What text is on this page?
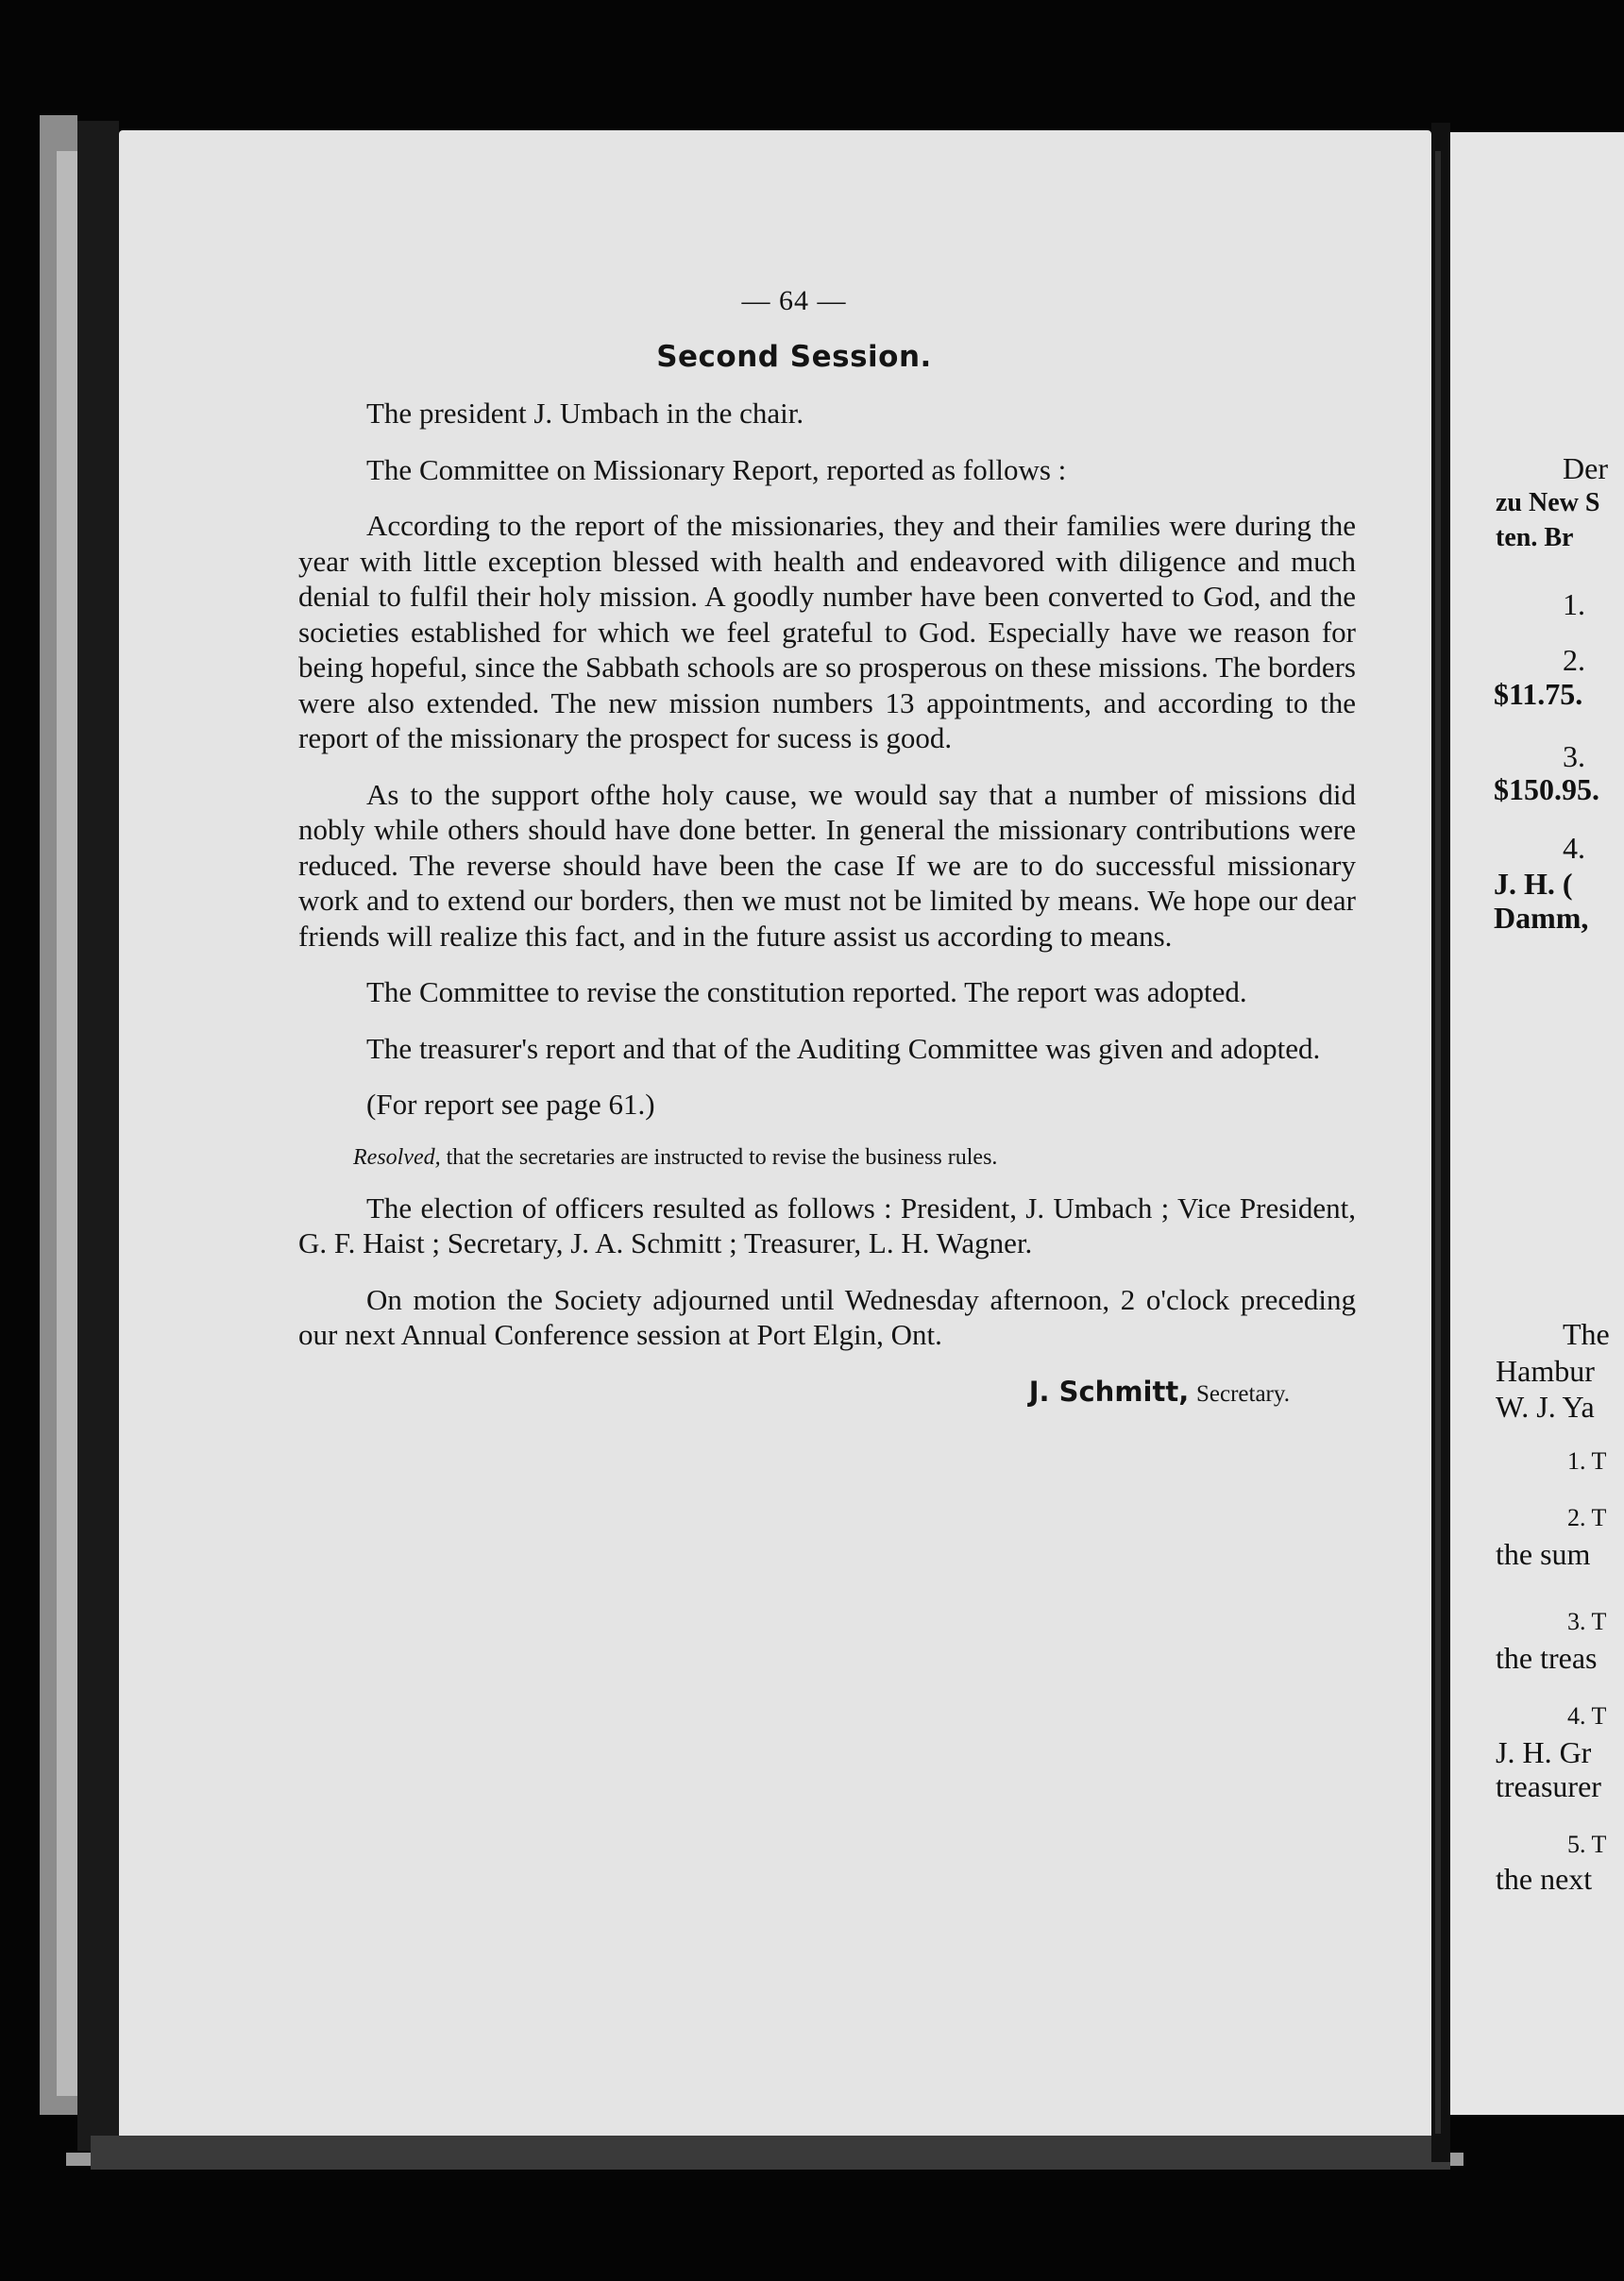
— 64 —
Second Session.

The president J. Umbach in the chair.

The Committee on Missionary Report, reported as follows :

According to the report of the missionaries, they and their families were during the year with little exception blessed with health and endeavored with diligence and much denial to fulfil their holy mission. A goodly number have been converted to God, and the societies established for which we feel grateful to God. Especially have we reason for being hopeful, since the Sabbath schools are so prosperous on these missions. The borders were also extended. The new mission numbers 13 appointments, and according to the report of the missionary the prospect for sucess is good.

As to the support ofthe holy cause, we would say that a number of missions did nobly while others should have done better. In general the missionary contributions were reduced. The reverse should have been the case If we are to do successful missionary work and to extend our borders, then we must not be limited by means. We hope our dear friends will realize this fact, and in the future assist us according to means.

The Committee to revise the constitution reported. The report was adopted.

The treasurer's report and that of the Auditing Committee was given and adopted.

(For report see page 61.)

Resolved, that the secretaries are instructed to revise the business rules.

The election of officers resulted as follows : President, J. Umbach ; Vice President, G. F. Haist ; Secretary, J. A. Schmitt ; Treasurer, L. H. Wagner.

On motion the Society adjourned until Wednesday afternoon, 2 o'clock preceding our next Annual Conference session at Port Elgin, Ont.

J. Schmitt, Secretary.
Der
zu New S
ten. Br
1.
2.
$11.75.
3.
$150.95.
4.
J. H. (
Damm,
The
Hambur
W. J. Ya
1. T
2. T
the sum
3. T
the treas
4. T
J. H. Gr
treasurer
5. T
the next
